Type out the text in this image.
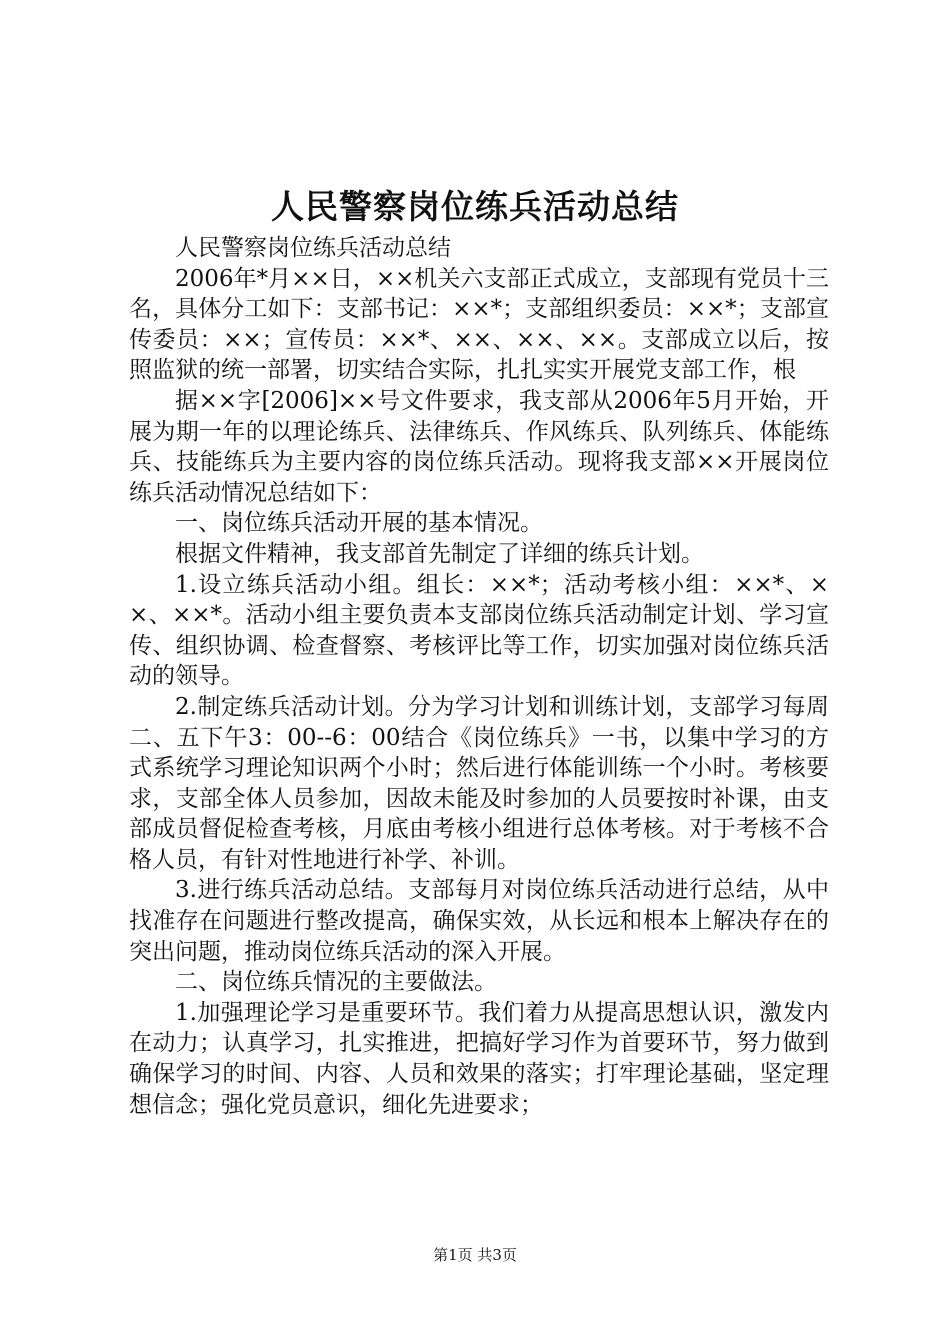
人民警察岗位练兵活动总结

人民警察岗位练兵活动总结

2006年*月××日，××机关六支部正式成立，支部现有党员十三名，具体分工如下：支部书记：××*；支部组织委员：××*；支部宣传委员：××；宣传员：××*、××、××、××。支部成立以后，按照监狱的统一部署，切实结合实际，扎扎实实开展党支部工作，根

据××字[2006]××号文件要求，我支部从2006年5月开始，开展为期一年的以理论练兵、法律练兵、作风练兵、队列练兵、体能练兵、技能练兵为主要内容的岗位练兵活动。现将我支部××开展岗位练兵活动情况总结如下：

一、岗位练兵活动开展的基本情况。

根据文件精神，我支部首先制定了详细的练兵计划。

1.设立练兵活动小组。组长：××*；活动考核小组：××*、××、××*。活动小组主要负责本支部岗位练兵活动制定计划、学习宣传、组织协调、检查督察、考核评比等工作，切实加强对岗位练兵活动的领导。

2.制定练兵活动计划。分为学习计划和训练计划，支部学习每周二、五下午3：00--6：00结合《岗位练兵》一书，以集中学习的方式系统学习理论知识两个小时；然后进行体能训练一个小时。考核要求，支部全体人员参加，因故未能及时参加的人员要按时补课，由支部成员督促检查考核，月底由考核小组进行总体考核。对于考核不合格人员，有针对性地进行补学、补训。

3.进行练兵活动总结。支部每月对岗位练兵活动进行总结，从中找准存在问题进行整改提高，确保实效，从长远和根本上解决存在的突出问题，推动岗位练兵活动的深入开展。

二、岗位练兵情况的主要做法。

1.加强理论学习是重要环节。我们着力从提高思想认识，激发内在动力；认真学习，扎实推进，把搞好学习作为首要环节，努力做到确保学习的时间、内容、人员和效果的落实；打牢理论基础，坚定理想信念；强化党员意识，细化先进要求；

第1页 共3页
